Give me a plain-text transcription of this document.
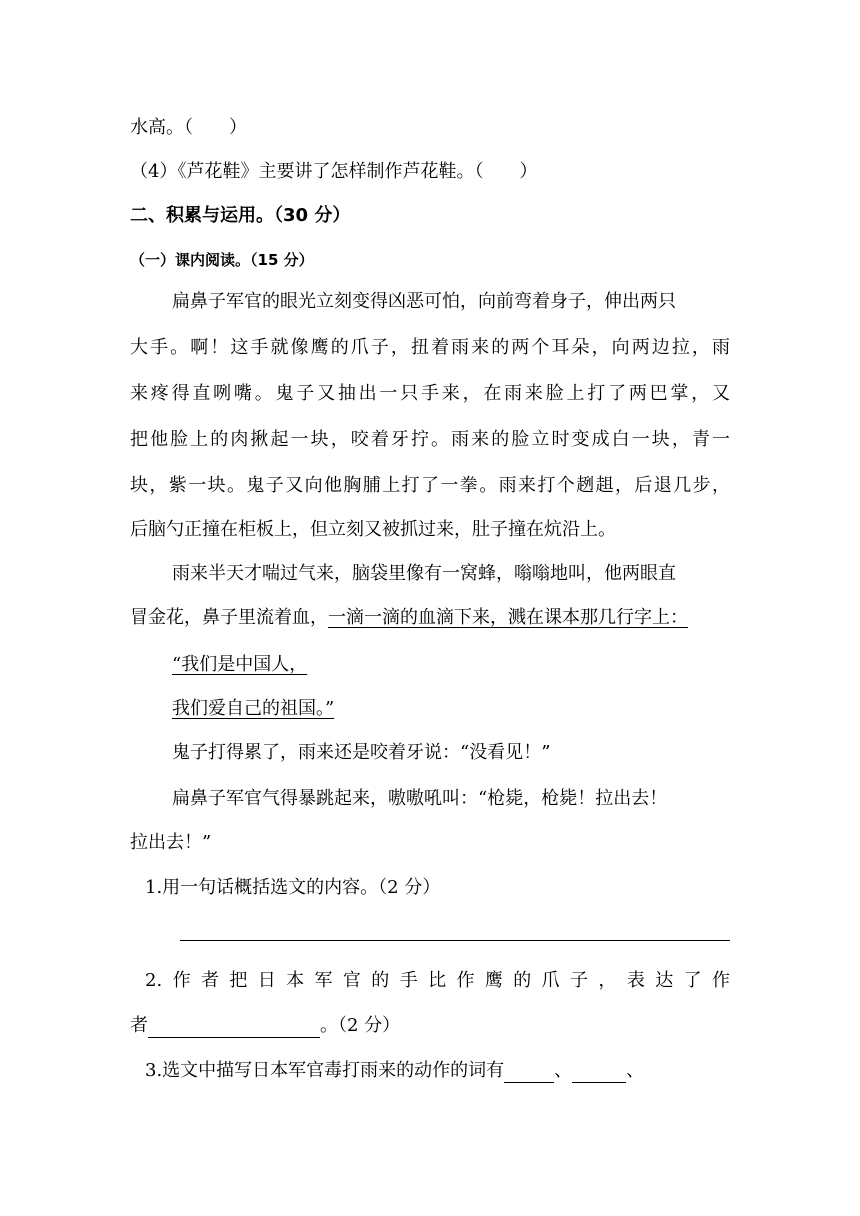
水高。（　　）
（4）《芦花鞋》主要讲了怎样制作芦花鞋。（　　）
二、积累与运用。（30 分）
（一）课内阅读。（15 分）
扁鼻子军官的眼光立刻变得凶恶可怕，向前弯着身子，伸出两只
大手。啊！这手就像鹰的爪子，扭着雨来的两个耳朵，向两边拉，雨
来疼得直咧嘴。鬼子又抽出一只手来，在雨来脸上打了两巴掌，又
把他脸上的肉揪起一块，咬着牙拧。雨来的脸立时变成白一块，青一
块，紫一块。鬼子又向他胸脯上打了一拳。雨来打个趔趄，后退几步，
后脑勺正撞在柜板上，但立刻又被抓过来，肚子撞在炕沿上。
雨来半天才喘过气来，脑袋里像有一窝蜂，嗡嗡地叫，他两眼直
冒金花，鼻子里流着血，一滴一滴的血滴下来，溅在课本那几行字上：
“我们是中国人，
我们爱自己的祖国。”
鬼子打得累了，雨来还是咬着牙说：“没看见！”
扁鼻子军官气得暴跳起来，嗷嗷吼叫：“枪毙，枪毙！拉出去！
拉出去！”
1.用一句话概括选文的内容。（2 分）
2.作者把日本军官的手比作鹰的爪子，表达了作
者	。（2 分）
3.选文中描写日本军官毒打雨来的动作的词有	、	、
